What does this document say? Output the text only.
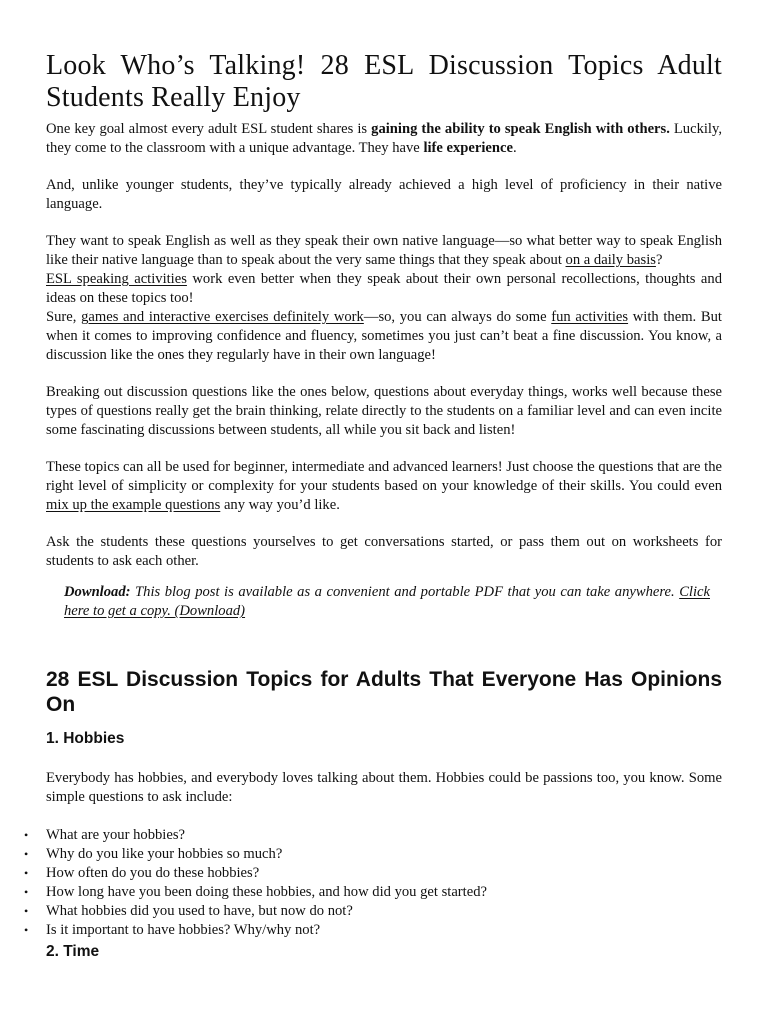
Look Who’s Talking! 28 ESL Discussion Topics Adult Students Really Enjoy

One key goal almost every adult ESL student shares is gaining the ability to speak English with others. Luckily, they come to the classroom with a unique advantage. They have life experience.

And, unlike younger students, they’ve typically already achieved a high level of proficiency in their native language.

They want to speak English as well as they speak their own native language—so what better way to speak English like their native language than to speak about the very same things that they speak about on a daily basis?

ESL speaking activities work even better when they speak about their own personal recollections, thoughts and ideas on these topics too!

Sure, games and interactive exercises definitely work—so, you can always do some fun activities with them. But when it comes to improving confidence and fluency, sometimes you just can’t beat a fine discussion. You know, a discussion like the ones they regularly have in their own language!

Breaking out discussion questions like the ones below, questions about everyday things, works well because these types of questions really get the brain thinking, relate directly to the students on a familiar level and can even incite some fascinating discussions between students, all while you sit back and listen!

These topics can all be used for beginner, intermediate and advanced learners! Just choose the questions that are the right level of simplicity or complexity for your students based on your knowledge of their skills. You could even mix up the example questions any way you’d like.

Ask the students these questions yourselves to get conversations started, or pass them out on worksheets for students to ask each other.

Download: This blog post is available as a convenient and portable PDF that you can take anywhere. Click here to get a copy. (Download)
28 ESL Discussion Topics for Adults That Everyone Has Opinions On
1. Hobbies

Everybody has hobbies, and everybody loves talking about them. Hobbies could be passions too, you know. Some simple questions to ask include:

• What are your hobbies?
• Why do you like your hobbies so much?
• How often do you do these hobbies?
• How long have you been doing these hobbies, and how did you get started?
• What hobbies did you used to have, but now do not?
• Is it important to have hobbies? Why/why not?
2. Time
